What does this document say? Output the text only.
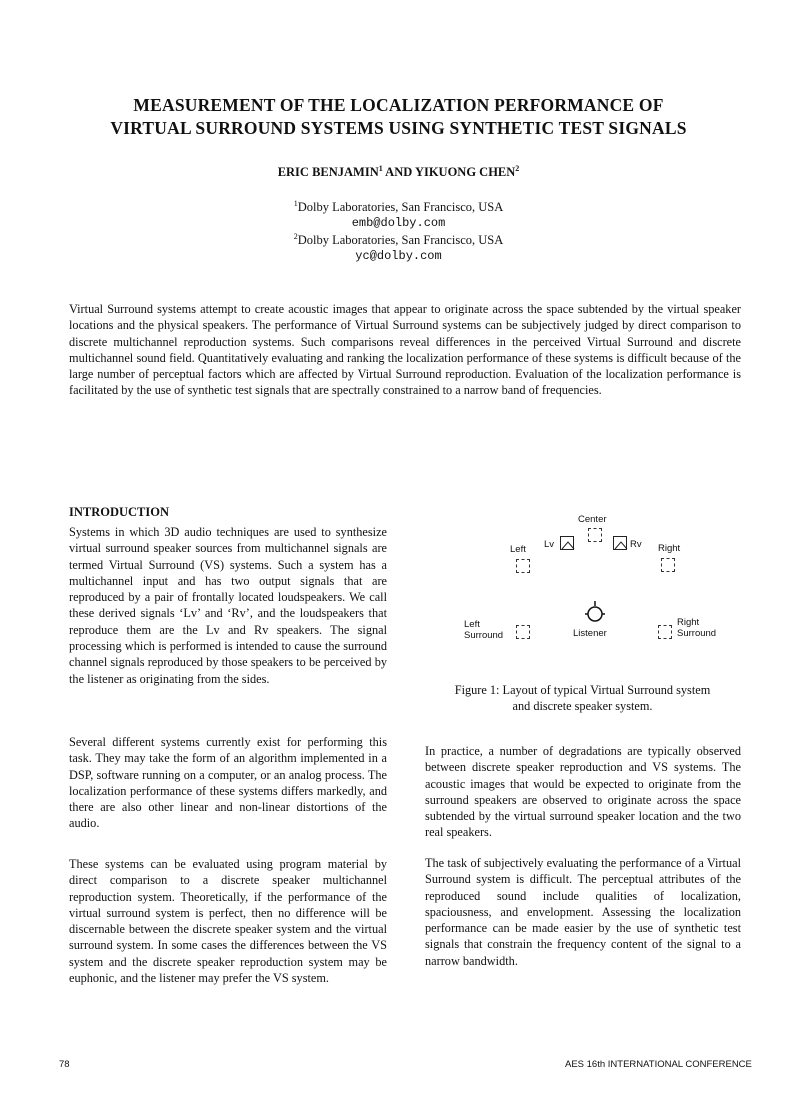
MEASUREMENT OF THE LOCALIZATION PERFORMANCE OF
VIRTUAL SURROUND SYSTEMS USING SYNTHETIC TEST SIGNALS
ERIC BENJAMIN$^1$ AND YIKUONG CHEN$^2$
$^1$Dolby Laboratories, San Francisco, USA
emb@dolby.com
$^2$Dolby Laboratories, San Francisco, USA
yc@dolby.com
Virtual Surround systems attempt to create acoustic images that appear to originate across the space subtended by the virtual speaker locations and the physical speakers. The performance of Virtual Surround systems can be subjectively judged by direct comparison to discrete multichannel reproduction systems. Such comparisons reveal differences in the perceived Virtual Surround and discrete multichannel sound field. Quantitatively evaluating and ranking the localization performance of these systems is difficult because of the large number of perceptual factors which are affected by Virtual Surround reproduction. Evaluation of the localization performance is facilitated by the use of synthetic test signals that are spectrally constrained to a narrow band of frequencies.
INTRODUCTION
Systems in which 3D audio techniques are used to synthesize virtual surround speaker sources from multichannel signals are termed Virtual Surround (VS) systems. Such a system has a multichannel input and has two output signals that are reproduced by a pair of frontally located loudspeakers. We call these derived signals ‘Lv’ and ‘Rv’, and the loudspeakers that reproduce them are the Lv and Rv speakers. The signal processing which is performed is intended to cause the surround channel signals reproduced by those speakers to be perceived by the listener as originating from the sides.
Several different systems currently exist for performing this task. They may take the form of an algorithm implemented in a DSP, software running on a computer, or an analog process. The localization performance of these systems differs markedly, and there are also other linear and non-linear distortions of the audio.
These systems can be evaluated using program material by direct comparison to a discrete speaker multichannel reproduction system. Theoretically, if the performance of the virtual surround system is perfect, then no difference will be discernable between the discrete speaker system and the virtual surround system. In some cases the differences between the VS system and the discrete speaker reproduction system may be euphonic, and the listener may prefer the VS system.
Center
Lv	Rv
Left	Right
Listener
Left
Surround
Right
Surround
Figure 1: Layout of typical Virtual Surround system
and discrete speaker system.
In practice, a number of degradations are typically observed between discrete speaker reproduction and VS systems. The acoustic images that would be expected to originate from the surround speakers are observed to originate across the space subtended by the virtual surround speaker location and the two real speakers.
The task of subjectively evaluating the performance of a Virtual Surround system is difficult. The perceptual attributes of the reproduced sound include qualities of localization, spaciousness, and envelopment. Assessing the localization performance can be made easier by the use of synthetic test signals that constrain the frequency content of the signal to a narrow bandwidth.
78	AES 16th INTERNATIONAL CONFERENCE
